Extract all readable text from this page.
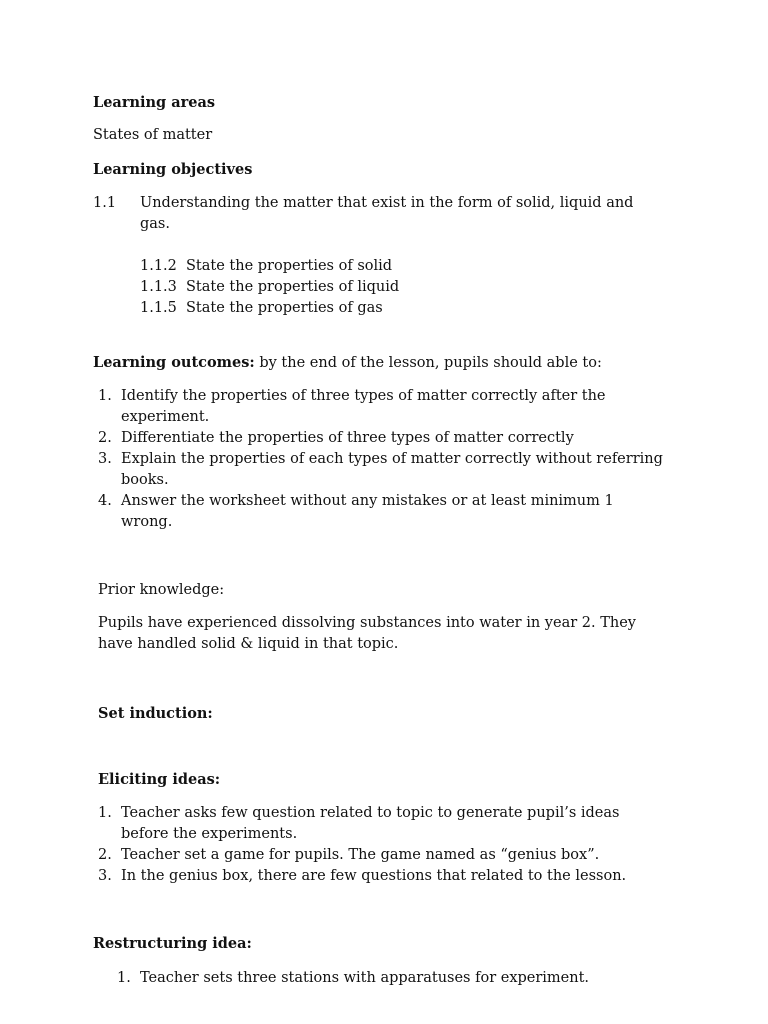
Learning areas
States of matter
Learning objectives
1.1 Understanding the matter that exist in the form of solid, liquid and
gas.
1.1.2 State the properties of solid
1.1.3 State the properties of liquid
1.1.5 State the properties of gas
Learning outcomes: by the end of the lesson, pupils should able to:
1. Identify the properties of three types of matter correctly after the
experiment.
2. Differentiate the properties of three types of matter correctly
3. Explain the properties of each types of matter correctly without referring
books.
4. Answer the worksheet without any mistakes or at least minimum 1
wrong.
Prior knowledge:
Pupils have experienced dissolving substances into water in year 2. They
have handled solid & liquid in that topic.
Set induction:
Eliciting ideas:
1. Teacher asks few question related to topic to generate pupil’s ideas
before the experiments.
2. Teacher set a game for pupils. The game named as “genius box”.
3. In the genius box, there are few questions that related to the lesson.
Restructuring idea:
1. Teacher sets three stations with apparatuses for experiment.
